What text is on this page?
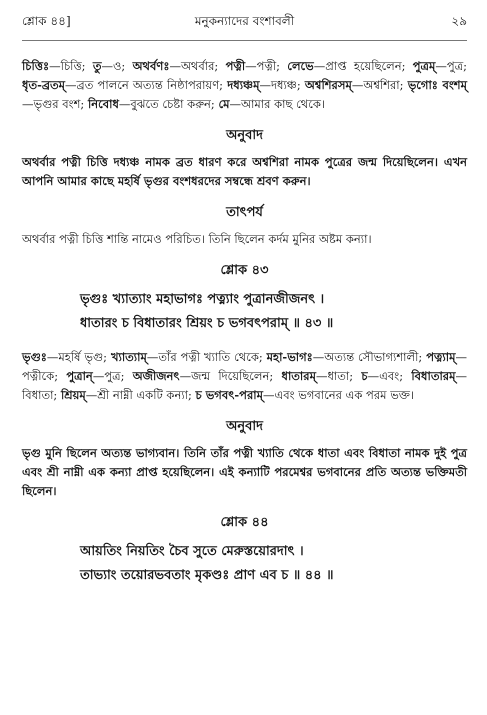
শ্লোক ৪৪]	মনুকন্যাদের বংশাবলী	২৯

চিত্তিঃ—চিত্তি; তু—ও; অথর্বণঃ—অথর্বার; পত্নী—পত্নী; লেভে—প্রাপ্ত হয়েছিলেন; পুত্রম্—পুত্র; ধৃত-ব্রতম্—ব্রত পালনে অত্যন্ত নিষ্ঠাপরায়ণ; দধ্যঞ্চম্—দধ্যঞ্চ; অশ্বশিরসম্—অশ্বশিরা; ভৃগোঃ বংশম্—ভৃগুর বংশ; নিবোধ—বুঝতে চেষ্টা করুন; মে—আমার কাছ থেকে।

অনুবাদ

অথর্বার পত্নী চিত্তি দধ্যঞ্চ নামক ব্রত ধারণ করে অশ্বশিরা নামক পুত্রের জন্ম দিয়েছিলেন। এখন আপনি আমার কাছে মহর্ষি ভৃগুর বংশধরদের সম্বন্ধে শ্রবণ করুন।

তাৎপর্য

অথর্বার পত্নী চিত্তি শান্তি নামেও পরিচিত। তিনি ছিলেন কর্দম মুনির অষ্টম কন্যা।

শ্লোক ৪৩
ভৃগুঃ খ্যাত্যাং মহাভাগঃ পত্ন্যাং পুত্রানজীজনৎ ।
ধাতারং চ বিধাতারং শ্রিয়ং চ ভগবৎপরাম্ ॥ ৪৩ ॥

ভৃগুঃ—মহর্ষি ভৃগু; খ্যাত্যাম্—তাঁর পত্নী খ্যাতি থেকে; মহা-ভাগঃ—অত্যন্ত সৌভাগ্যশালী; পত্ন্যাম্—পত্নীকে; পুত্রান্—পুত্র; অজীজনৎ—জন্ম দিয়েছিলেন; ধাতারম্—ধাতা; চ—এবং; বিধাতারম্—বিধাতা; শ্রিয়ম্—শ্রী নাম্নী একটি কন্যা; চ ভগবৎ-পরাম্—এবং ভগবানের এক পরম ভক্ত।

অনুবাদ

ভৃগু মুনি ছিলেন অত্যন্ত ভাগ্যবান। তিনি তাঁর পত্নী খ্যাতি থেকে ধাতা এবং বিধাতা নামক দুই পুত্র এবং শ্রী নাম্নী এক কন্যা প্রাপ্ত হয়েছিলেন। এই কন্যাটি পরমেশ্বর ভগবানের প্রতি অত্যন্ত ভক্তিমতী ছিলেন।

শ্লোক ৪৪
আয়তিং নিয়তিং চৈব সুতে মেরুস্তয়োরদাৎ ।
তাভ্যাং তয়োরভবতাং মৃকণ্ডঃ প্রাণ এব চ ॥ ৪৪ ॥
